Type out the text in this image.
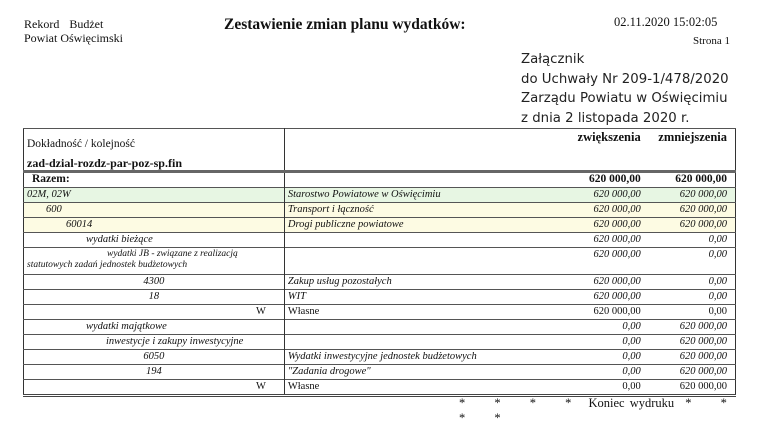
Rekord Budżet
Powiat Oświęcimski
Zestawienie zmian planu wydatków:	02.11.2020 15:02:05
Strona 1
Załącznik
do Uchwały Nr 209-1/478/2020
Zarządu Powiatu w Oświęcimiu
z dnia 2 listopada 2020 r.
Dokładność / kolejność
zad-dzial-rozdz-par-poz-sp.fin		zwiększenia	zmniejszenia
Razem:		620 000,00	620 000,00
02M, 02W	Starostwo Powiatowe w Oświęcimiu	620 000,00	620 000,00
600	Transport i łączność	620 000,00	620 000,00
60014	Drogi publiczne powiatowe	620 000,00	620 000,00
wydatki bieżące		620 000,00	0,00

wydatki JB - związane z realizacją
statutowych zadań jednostek budżetowych		620 000,00	0,00
4300	Zakup usług pozostałych	620 000,00	0,00
18	WIT	620 000,00	0,00
W	Własne	620 000,00	0,00
wydatki majątkowe		0,00	620 000,00
inwestycje i zakupy inwestycyjne		0,00	620 000,00
6050	Wydatki inwestycyjne jednostek budżetowych	0,00	620 000,00
194	"Zadania drogowe"	0,00	620 000,00
W	Własne	0,00	620 000,00
* * * * Koniec wydruku * * * *
